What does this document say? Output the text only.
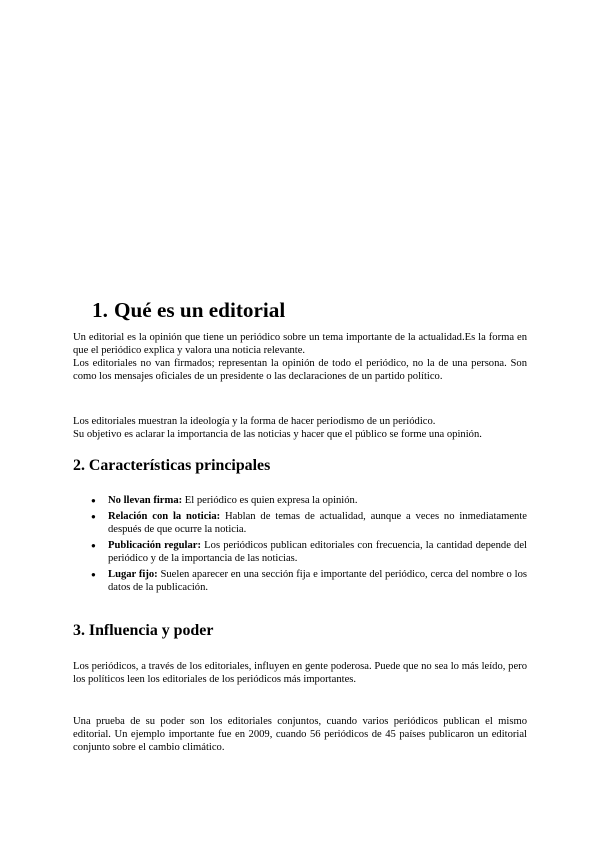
1. Qué es un editorial

Un editorial es la opinión que tiene un periódico sobre un tema importante de la actualidad.Es la forma en que el periódico explica y valora una noticia relevante.

Los editoriales no van firmados; representan la opinión de todo el periódico, no la de una persona. Son como los mensajes oficiales de un presidente o las declaraciones de un partido político.

Los editoriales muestran la ideología y la forma de hacer periodismo de un periódico.

Su objetivo es aclarar la importancia de las noticias y hacer que el público se forme una opinión.

2. Características principales
● No llevan firma: El periódico es quien expresa la opinión.
● Relación con la noticia: Hablan de temas de actualidad, aunque a veces no inmediatamente después de que ocurre la noticia.
● Publicación regular: Los periódicos publican editoriales con frecuencia, la cantidad depende del periódico y de la importancia de las noticias.
● Lugar fijo: Suelen aparecer en una sección fija e importante del periódico, cerca del nombre o los datos de la publicación.
3. Influencia y poder

Los periódicos, a través de los editoriales, influyen en gente poderosa. Puede que no sea lo más leído, pero los políticos leen los editoriales de los periódicos más importantes.

Una prueba de su poder son los editoriales conjuntos, cuando varios periódicos publican el mismo editorial. Un ejemplo importante fue en 2009, cuando 56 periódicos de 45 países publicaron un editorial conjunto sobre el cambio climático.
